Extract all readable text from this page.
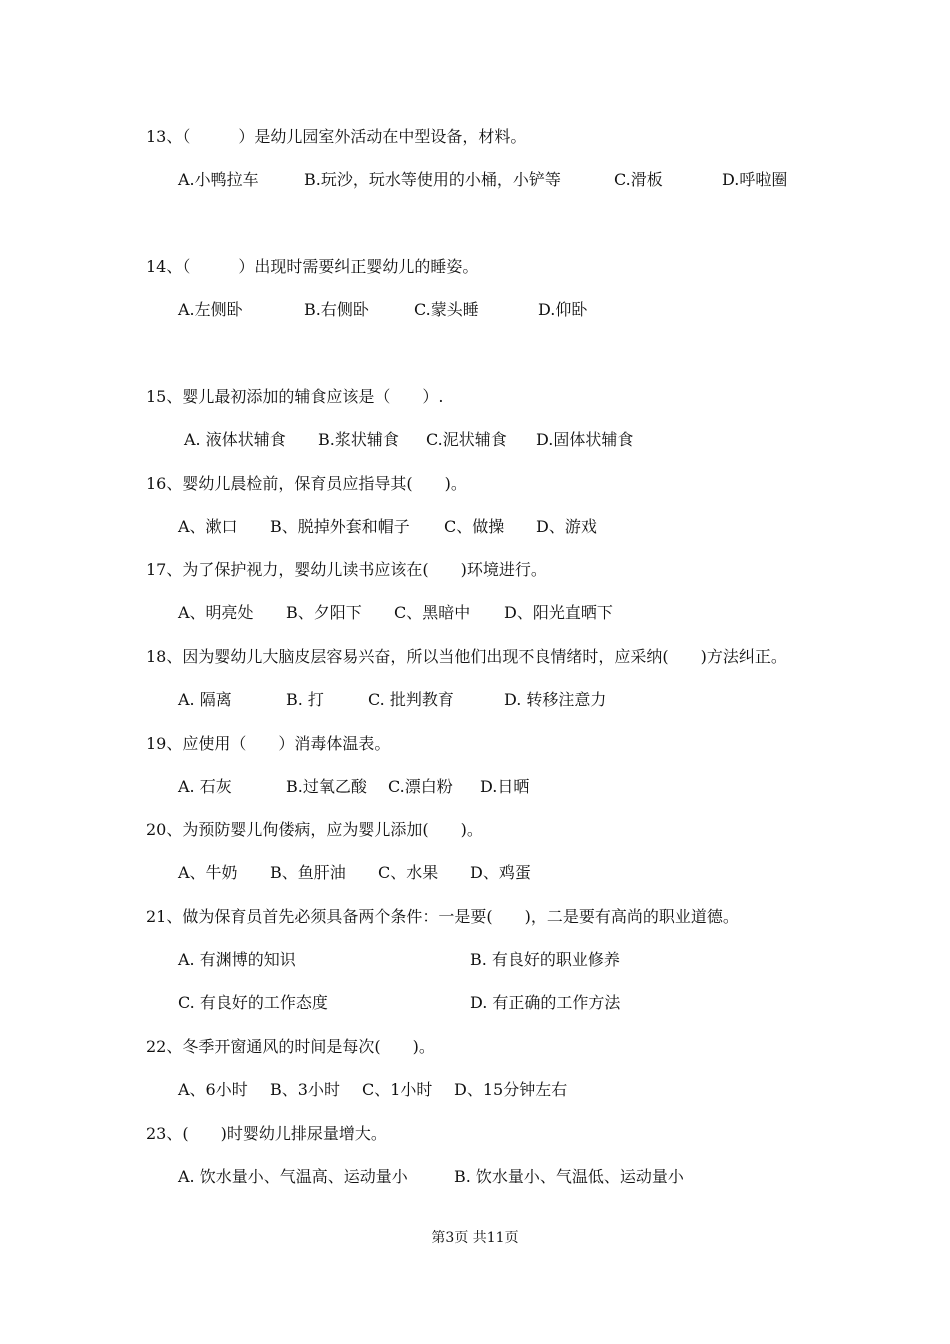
13、（　　　）是幼儿园室外活动在中型设备，材料。
A.小鸭拉车	B.玩沙，玩水等使用的小桶，小铲等	C.滑板	D.呼啦圈
14、（　　　）出现时需要纠正婴幼儿的睡姿。
A.左侧卧	B.右侧卧	C.蒙头睡	D.仰卧
15、婴儿最初添加的辅食应该是（　　）.
A. 液体状辅食 B.浆状辅食 C.泥状辅食 D.固体状辅食
16、婴幼儿晨检前，保育员应指导其(　　)。
A、漱口 B、脱掉外套和帽子 C、做操 D、游戏
17、为了保护视力，婴幼儿读书应该在(　　)环境进行。
A、明亮处 B、夕阳下 C、黑暗中 D、阳光直晒下
18、因为婴幼儿大脑皮层容易兴奋，所以当他们出现不良情绪时，应采纳(　　)方法纠正。
A. 隔离	B. 打	C. 批判教育	D. 转移注意力
19、应使用（　　）消毒体温表。
A. 石灰	B.过氧乙酸 C.漂白粉 D.日晒
20、为预防婴儿佝偻病，应为婴儿添加(　　)。
A、牛奶 B、鱼肝油 C、水果 D、鸡蛋
21、做为保育员首先必须具备两个条件：一是要(　　)，二是要有高尚的职业道德。
A. 有渊博的知识	B. 有良好的职业修养
C. 有良好的工作态度	D. 有正确的工作方法
22、冬季开窗通风的时间是每次(　　)。
A、6小时 B、3小时 C、1小时 D、15分钟左右
23、(　　)时婴幼儿排尿量增大。
A. 饮水量小、气温高、运动量小	B. 饮水量小、气温低、运动量小
第3页 共11页
